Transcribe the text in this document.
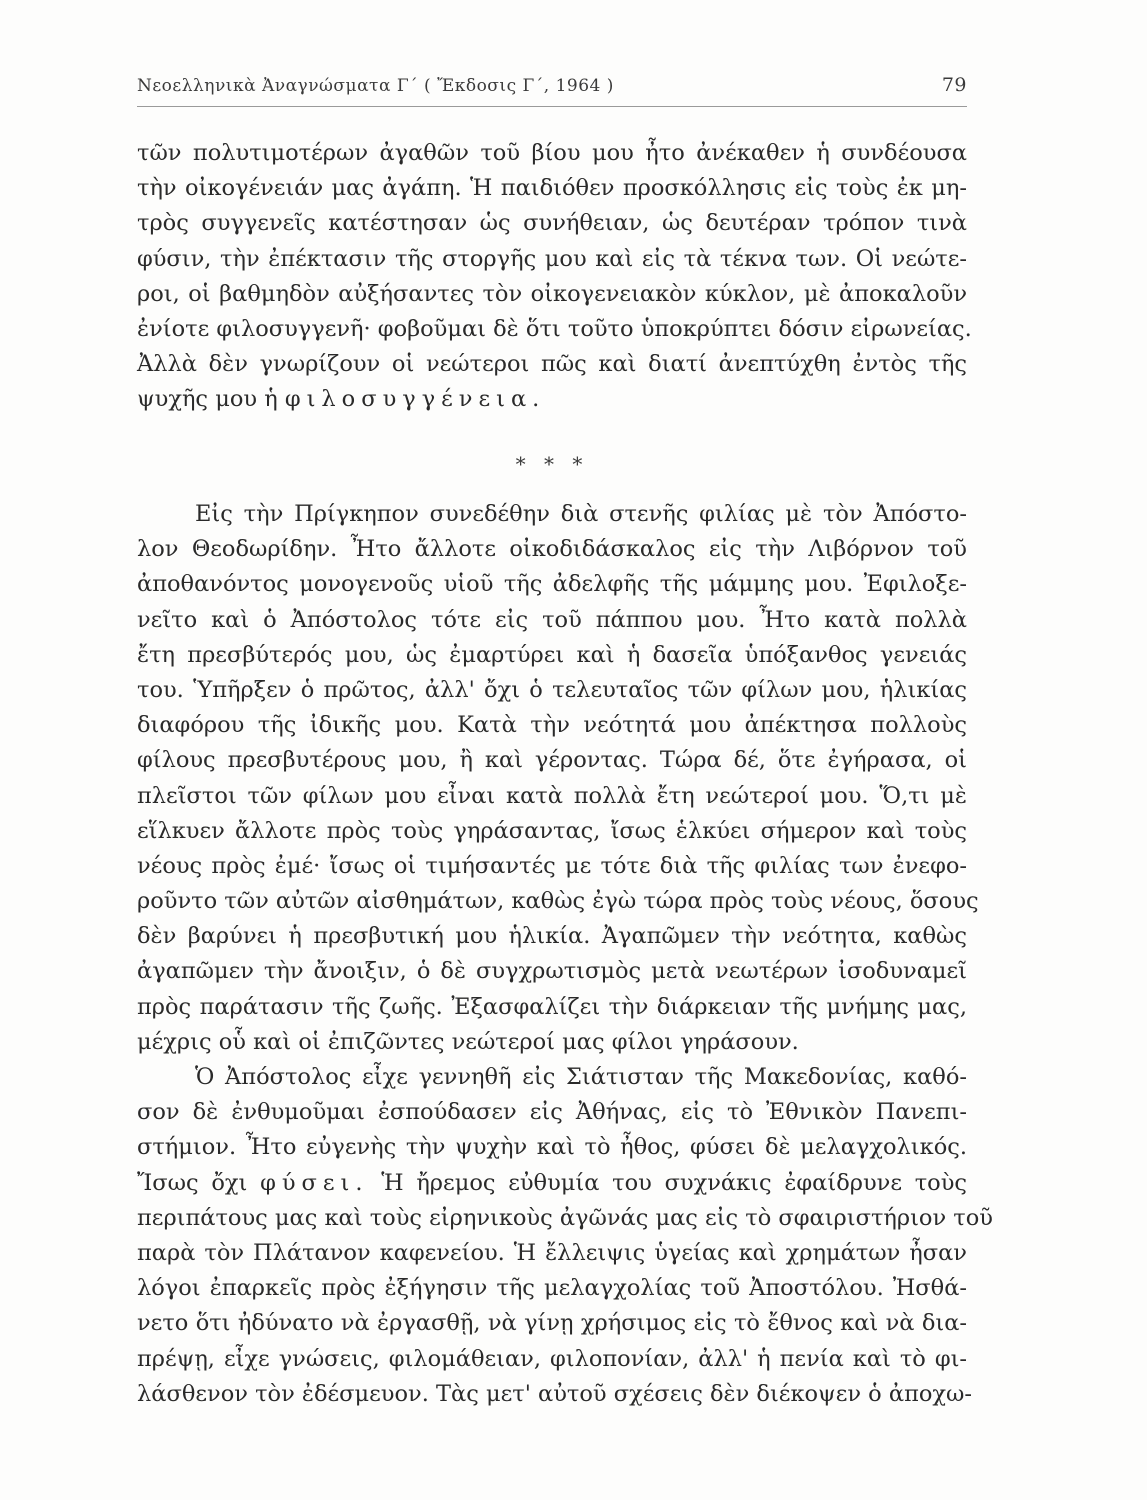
Νεοελληνικὰ Ἀναγνώσματα Γ΄ ( Ἔκδοσις Γ΄, 1964 )	79
τῶν πολυτιμοτέρων ἀγαθῶν τοῦ βίου μου ἦτο ἀνέκαθεν ἡ συνδέουσα
τὴν οἰκογένειάν μας ἀγάπη. Ἡ παιδιόθεν προσκόλλησις εἰς τοὺς ἐκ μη-
τρὸς συγγενεῖς κατέστησαν ὡς συνήθειαν, ὡς δευτέραν τρόπον τινὰ
φύσιν, τὴν ἐπέκτασιν τῆς στοργῆς μου καὶ εἰς τὰ τέκνα των. Οἱ νεώτε-
ροι, οἱ βαθμηδὸν αὐξήσαντες τὸν οἰκογενειακὸν κύκλον, μὲ ἀποκαλοῦν
ἐνίοτε φιλοσυγγενῆ· φοβοῦμαι δὲ ὅτι τοῦτο ὑποκρύπτει δόσιν εἰρωνείας.
Ἀλλὰ δὲν γνωρίζουν οἱ νεώτεροι πῶς καὶ διατί ἀνεπτύχθη ἐντὸς τῆς
ψυχῆς μου ἡ φιλοσυγγένεια.
* * *
Εἰς τὴν Πρίγκηπον συνεδέθην διὰ στενῆς φιλίας μὲ τὸν Ἀπόστο-
λον Θεοδωρίδην. Ἦτο ἄλλοτε οἰκοδιδάσκαλος εἰς τὴν Λιβόρνον τοῦ
ἀποθανόντος μονογενοῦς υἱοῦ τῆς ἀδελφῆς τῆς μάμμης μου. Ἐφιλοξε-
νεῖτο καὶ ὁ Ἀπόστολος τότε εἰς τοῦ πάππου μου. Ἦτο κατὰ πολλὰ
ἔτη πρεσβύτερός μου, ὡς ἐμαρτύρει καὶ ἡ δασεῖα ὑπόξανθος γενειάς
του. Ὑπῆρξεν ὁ πρῶτος, ἀλλ' ὄχι ὁ τελευταῖος τῶν φίλων μου, ἡλικίας
διαφόρου τῆς ἰδικῆς μου. Κατὰ τὴν νεότητά μου ἀπέκτησα πολλοὺς
φίλους πρεσβυτέρους μου, ἢ καὶ γέροντας. Τώρα δέ, ὅτε ἐγήρασα, οἱ
πλεῖστοι τῶν φίλων μου εἶναι κατὰ πολλὰ ἔτη νεώτεροί μου. Ὅ,τι μὲ
εἵλκυεν ἄλλοτε πρὸς τοὺς γηράσαντας, ἴσως ἑλκύει σήμερον καὶ τοὺς
νέους πρὸς ἐμέ· ἴσως οἱ τιμήσαντές με τότε διὰ τῆς φιλίας των ἐνεφο-
ροῦντο τῶν αὐτῶν αἰσθημάτων, καθὼς ἐγὼ τώρα πρὸς τοὺς νέους, ὅσους
δὲν βαρύνει ἡ πρεσβυτική μου ἡλικία. Ἀγαπῶμεν τὴν νεότητα, καθὼς
ἀγαπῶμεν τὴν ἄνοιξιν, ὁ δὲ συγχρωτισμὸς μετὰ νεωτέρων ἰσοδυναμεῖ
πρὸς παράτασιν τῆς ζωῆς. Ἐξασφαλίζει τὴν διάρκειαν τῆς μνήμης μας,
μέχρις οὗ καὶ οἱ ἐπιζῶντες νεώτεροί μας φίλοι γηράσουν.
Ὁ Ἀπόστολος εἶχε γεννηθῆ εἰς Σιάτισταν τῆς Μακεδονίας, καθό-
σον δὲ ἐνθυμοῦμαι ἐσπούδασεν εἰς Ἀθήνας, εἰς τὸ Ἐθνικὸν Πανεπι-
στήμιον. Ἦτο εὐγενὴς τὴν ψυχὴν καὶ τὸ ἦθος, φύσει δὲ μελαγχολικός.
Ἴσως ὄχι φύσει. Ἡ ἤρεμος εὐθυμία του συχνάκις ἐφαίδρυνε τοὺς
περιπάτους μας καὶ τοὺς εἰρηνικοὺς ἀγῶνάς μας εἰς τὸ σφαιριστήριον τοῦ
παρὰ τὸν Πλάτανον καφενείου. Ἡ ἔλλειψις ὑγείας καὶ χρημάτων ἦσαν
λόγοι ἐπαρκεῖς πρὸς ἐξήγησιν τῆς μελαγχολίας τοῦ Ἀποστόλου. Ἠσθά-
νετο ὅτι ἠδύνατο νὰ ἐργασθῇ, νὰ γίνῃ χρήσιμος εἰς τὸ ἔθνος καὶ νὰ δια-
πρέψῃ, εἶχε γνώσεις, φιλομάθειαν, φιλοπονίαν, ἀλλ' ἡ πενία καὶ τὸ φι-
λάσθενον τὸν ἐδέσμευον. Τὰς μετ' αὐτοῦ σχέσεις δὲν διέκοψεν ὁ ἀποχω-
